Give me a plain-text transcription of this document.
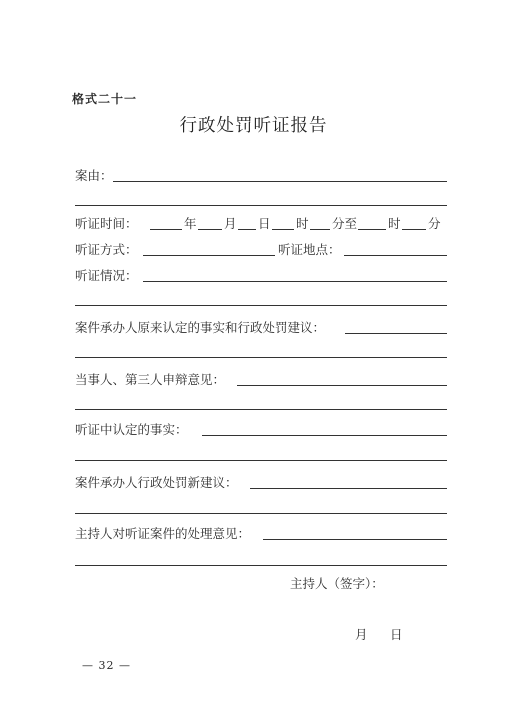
格式二十一
行政处罚听证报告
案由：
听证时间：	年 月 日 时 分至 时 分
听证方式：	听证地点：
听证情况：
案件承办人原来认定的事实和行政处罚建议：
当事人、第三人申辩意见：
听证中认定的事实：
案件承办人行政处罚新建议：
主持人对听证案件的处理意见：
主持人（签字）：
月 日
— 32 —
